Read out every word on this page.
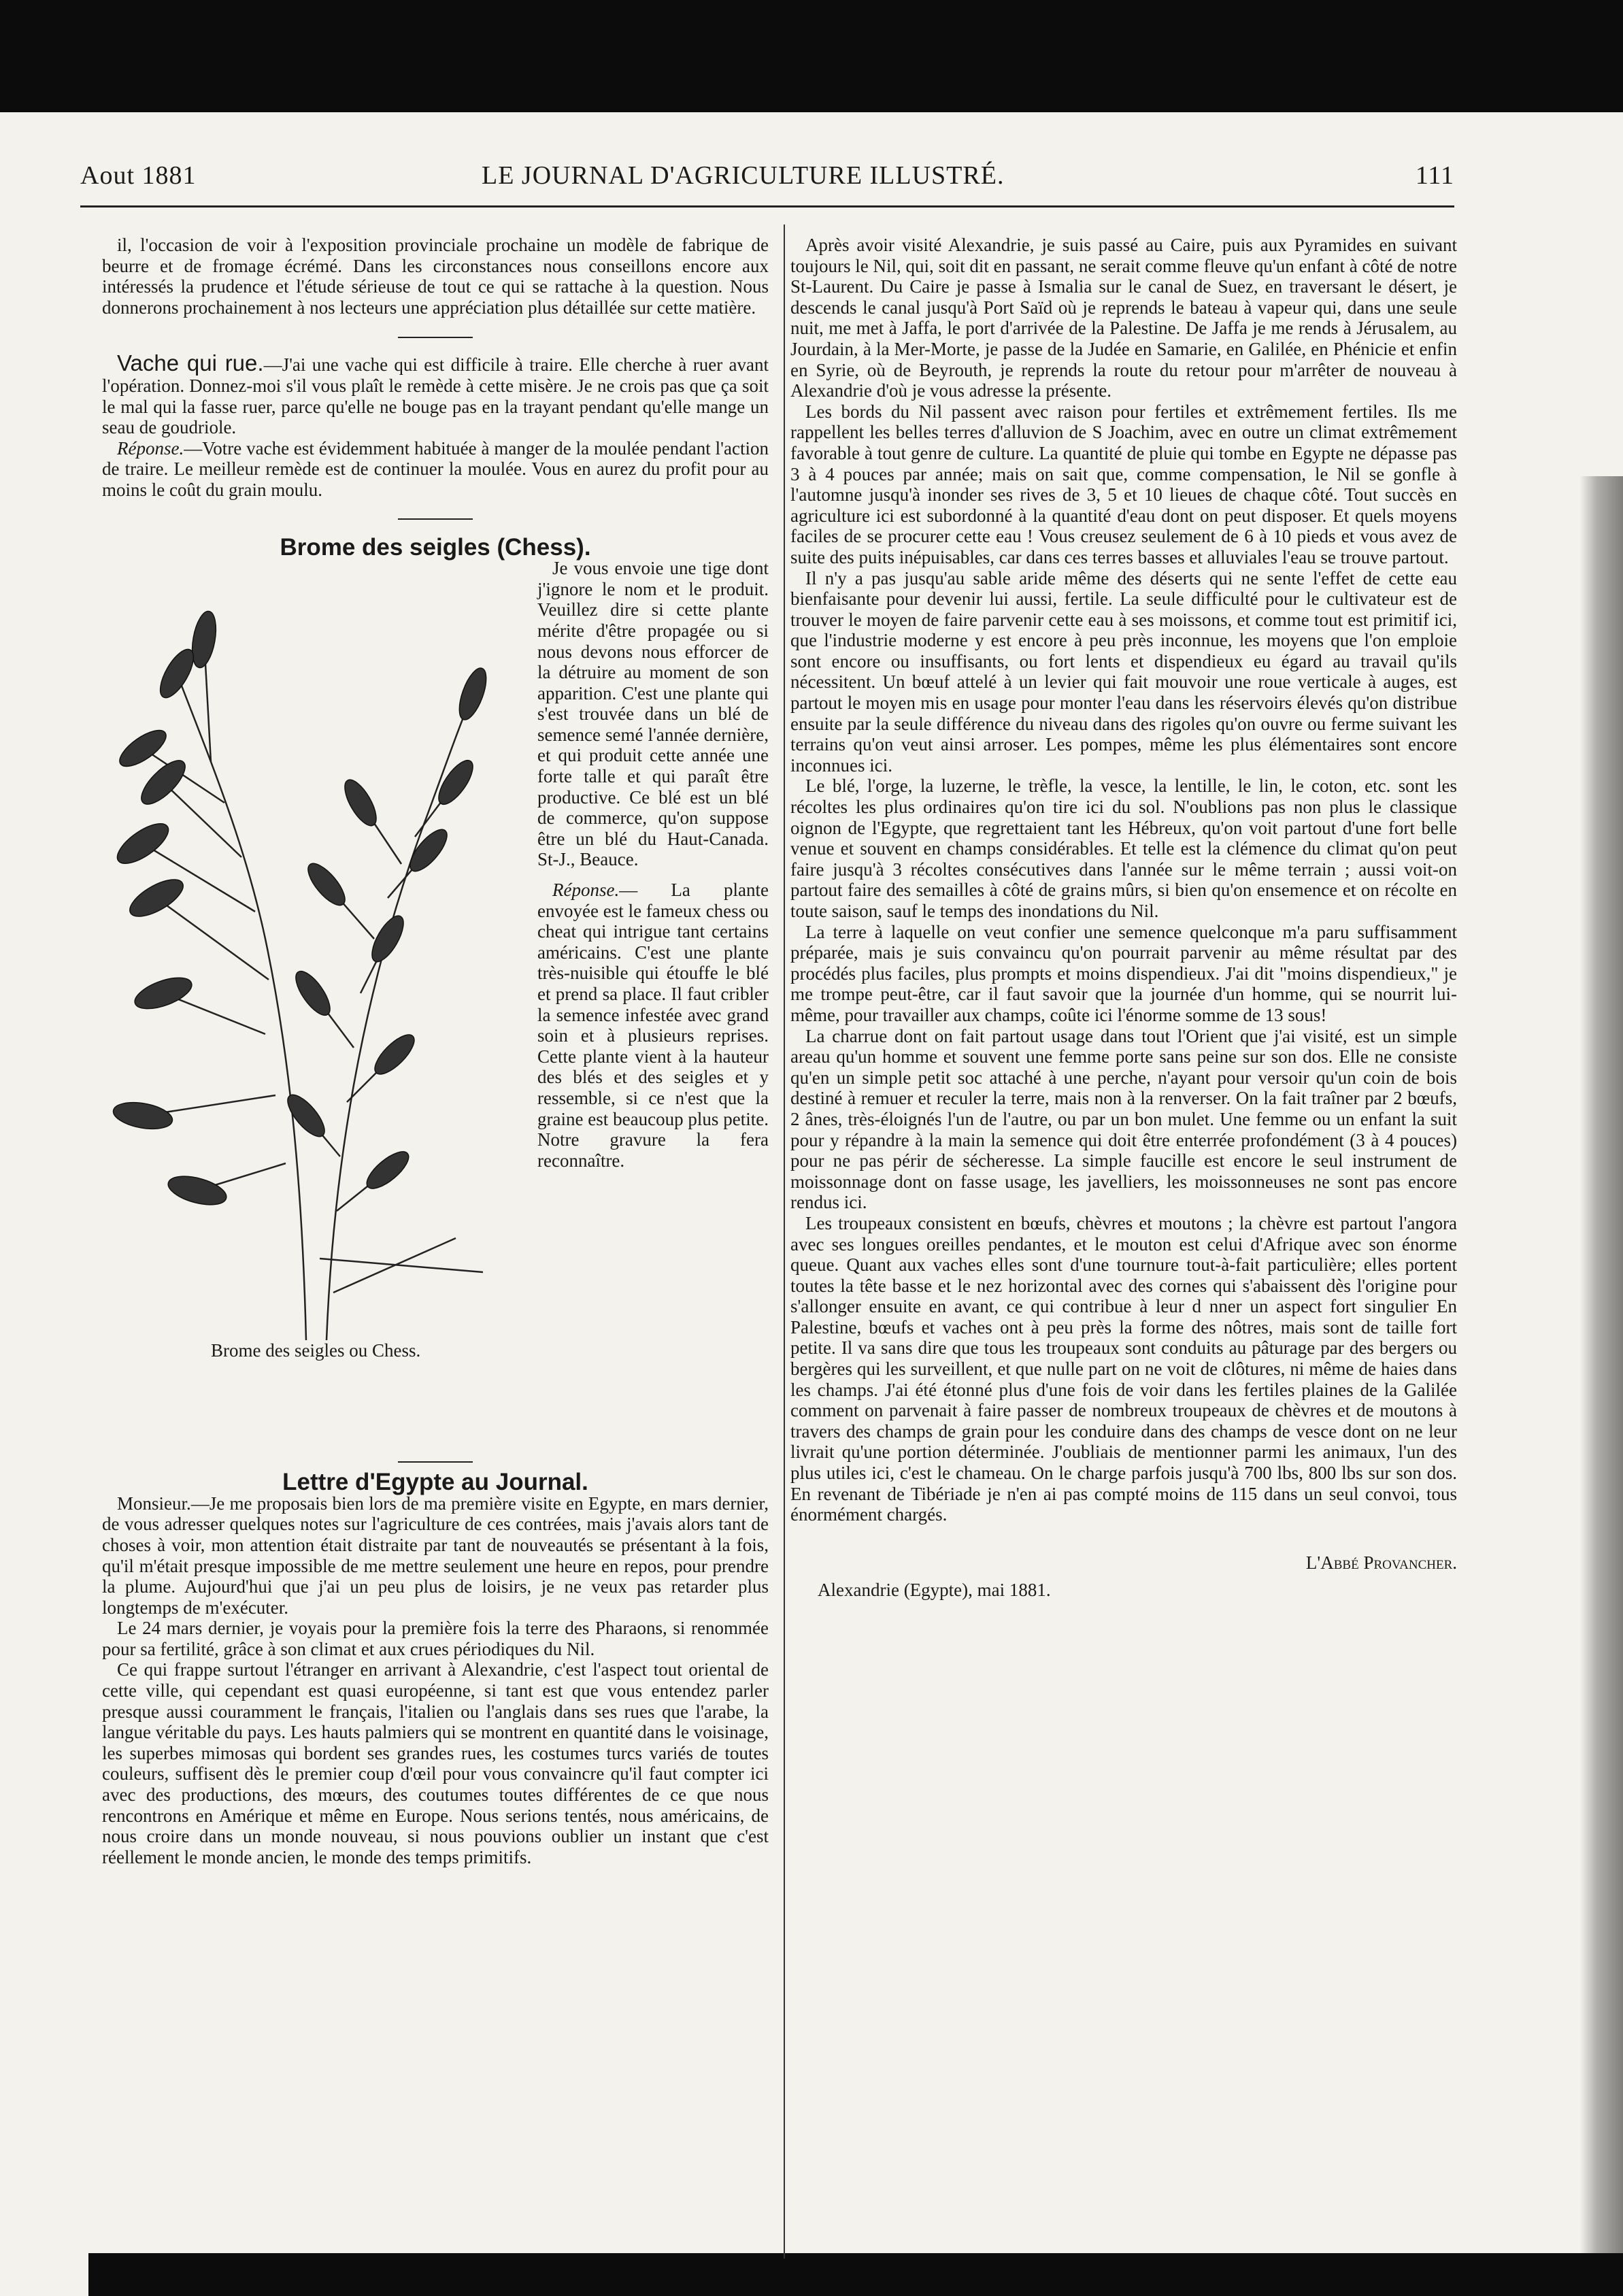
Aout 1881	LE JOURNAL D'AGRICULTURE ILLUSTRÉ.	111

il, l'occasion de voir à l'exposition provinciale prochaine un modèle de fabrique de beurre et de fromage écrémé. Dans les circonstances nous conseillons encore aux intéressés la prudence et l'étude sérieuse de tout ce qui se rattache à la question. Nous donnerons prochainement à nos lecteurs une appréciation plus détaillée sur cette matière.

Vache qui rue.—J'ai une vache qui est difficile à traire. Elle cherche à ruer avant l'opération. Donnez-moi s'il vous plaît le remède à cette misère. Je ne crois pas que ça soit le mal qui la fasse ruer, parce qu'elle ne bouge pas en la trayant pendant qu'elle mange un seau de goudriole.

Réponse.—Votre vache est évidemment habituée à manger de la moulée pendant l'action de traire. Le meilleur remède est de continuer la moulée. Vous en aurez du profit pour au moins le coût du grain moulu.

Brome des seigles (Chess).

Je vous envoie une tige dont j'ignore le nom et le produit. Veuillez dire si cette plante mérite d'être propagée ou si nous devons nous efforcer de la détruire au moment de son apparition. C'est une plante qui s'est trouvée dans un blé de semence semé l'année dernière, et qui produit cette année une forte talle et qui paraît être productive. Ce blé est un blé de commerce, qu'on suppose être un blé du Haut-Canada. St-J., Beauce.

Réponse.— La plante envoyée est le fameux chess ou cheat qui intrigue tant certains américains. C'est une plante très-nuisible qui étouffe le blé et prend sa place. Il faut cribler la semence infestée avec grand soin et à plusieurs reprises. Cette plante vient à la hauteur des blés et des seigles et y ressemble, si ce n'est que la graine est beaucoup plus petite. Notre gravure la fera reconnaître.

Brome des seigles ou Chess.
Lettre d'Egypte au Journal.

Monsieur.—Je me proposais bien lors de ma première visite en Egypte, en mars dernier, de vous adresser quelques notes sur l'agriculture de ces contrées, mais j'avais alors tant de choses à voir, mon attention était distraite par tant de nouveautés se présentant à la fois, qu'il m'était presque impossible de me mettre seulement une heure en repos, pour prendre la plume. Aujourd'hui que j'ai un peu plus de loisirs, je ne veux pas retarder plus longtemps de m'exécuter.

Le 24 mars dernier, je voyais pour la première fois la terre des Pharaons, si renommée pour sa fertilité, grâce à son climat et aux crues périodiques du Nil.

Ce qui frappe surtout l'étranger en arrivant à Alexandrie, c'est l'aspect tout oriental de cette ville, qui cependant est quasi européenne, si tant est que vous entendez parler presque aussi couramment le français, l'italien ou l'anglais dans ses rues que l'arabe, la langue véritable du pays. Les hauts palmiers qui se montrent en quantité dans le voisinage, les superbes mimosas qui bordent ses grandes rues, les costumes turcs variés de toutes couleurs, suffisent dès le premier coup d'œil pour vous convaincre qu'il faut compter ici avec des productions, des mœurs, des coutumes toutes différentes de ce que nous rencontrons en Amérique et même en Europe. Nous serions tentés, nous américains, de nous croire dans un monde nouveau, si nous pouvions oublier un instant que c'est réellement le monde ancien, le monde des temps primitifs.

Après avoir visité Alexandrie, je suis passé au Caire, puis aux Pyramides en suivant toujours le Nil, qui, soit dit en passant, ne serait comme fleuve qu'un enfant à côté de notre St-Laurent. Du Caire je passe à Ismalia sur le canal de Suez, en traversant le désert, je descends le canal jusqu'à Port Saïd où je reprends le bateau à vapeur qui, dans une seule nuit, me met à Jaffa, le port d'arrivée de la Palestine. De Jaffa je me rends à Jérusalem, au Jourdain, à la Mer-Morte, je passe de la Judée en Samarie, en Galilée, en Phénicie et enfin en Syrie, où de Beyrouth, je reprends la route du retour pour m'arrêter de nouveau à Alexandrie d'où je vous adresse la présente.

Les bords du Nil passent avec raison pour fertiles et extrêmement fertiles. Ils me rappellent les belles terres d'alluvion de S Joachim, avec en outre un climat extrêmement favorable à tout genre de culture. La quantité de pluie qui tombe en Egypte ne dépasse pas 3 à 4 pouces par année; mais on sait que, comme compensation, le Nil se gonfle à l'automne jusqu'à inonder ses rives de 3, 5 et 10 lieues de chaque côté. Tout succès en agriculture ici est subordonné à la quantité d'eau dont on peut disposer. Et quels moyens faciles de se procurer cette eau ! Vous creusez seulement de 6 à 10 pieds et vous avez de suite des puits inépuisables, car dans ces terres basses et alluviales l'eau se trouve partout.

Il n'y a pas jusqu'au sable aride même des déserts qui ne sente l'effet de cette eau bienfaisante pour devenir lui aussi, fertile. La seule difficulté pour le cultivateur est de trouver le moyen de faire parvenir cette eau à ses moissons, et comme tout est primitif ici, que l'industrie moderne y est encore à peu près inconnue, les moyens que l'on emploie sont encore ou insuffisants, ou fort lents et dispendieux eu égard au travail qu'ils nécessitent. Un bœuf attelé à un levier qui fait mouvoir une roue verticale à auges, est partout le moyen mis en usage pour monter l'eau dans les réservoirs élevés qu'on distribue ensuite par la seule différence du niveau dans des rigoles qu'on ouvre ou ferme suivant les terrains qu'on veut ainsi arroser. Les pompes, même les plus élémentaires sont encore inconnues ici.

Le blé, l'orge, la luzerne, le trèfle, la vesce, la lentille, le lin, le coton, etc. sont les récoltes les plus ordinaires qu'on tire ici du sol. N'oublions pas non plus le classique oignon de l'Egypte, que regrettaient tant les Hébreux, qu'on voit partout d'une fort belle venue et souvent en champs considérables. Et telle est la clémence du climat qu'on peut faire jusqu'à 3 récoltes consécutives dans l'année sur le même terrain ; aussi voit-on partout faire des semailles à côté de grains mûrs, si bien qu'on ensemence et on récolte en toute saison, sauf le temps des inondations du Nil.

La terre à laquelle on veut confier une semence quelconque m'a paru suffisamment préparée, mais je suis convaincu qu'on pourrait parvenir au même résultat par des procédés plus faciles, plus prompts et moins dispendieux. J'ai dit "moins dispendieux," je me trompe peut-être, car il faut savoir que la journée d'un homme, qui se nourrit lui-même, pour travailler aux champs, coûte ici l'énorme somme de 13 sous!

La charrue dont on fait partout usage dans tout l'Orient que j'ai visité, est un simple areau qu'un homme et souvent une femme porte sans peine sur son dos. Elle ne consiste qu'en un simple petit soc attaché à une perche, n'ayant pour versoir qu'un coin de bois destiné à remuer et reculer la terre, mais non à la renverser. On la fait traîner par 2 bœufs, 2 ânes, très-éloignés l'un de l'autre, ou par un bon mulet. Une femme ou un enfant la suit pour y répandre à la main la semence qui doit être enterrée profondément (3 à 4 pouces) pour ne pas périr de sécheresse. La simple faucille est encore le seul instrument de moissonnage dont on fasse usage, les javelliers, les moissonneuses ne sont pas encore rendus ici.

Les troupeaux consistent en bœufs, chèvres et moutons ; la chèvre est partout l'angora avec ses longues oreilles pendantes, et le mouton est celui d'Afrique avec son énorme queue. Quant aux vaches elles sont d'une tournure tout-à-fait particulière; elles portent toutes la tête basse et le nez horizontal avec des cornes qui s'abaissent dès l'origine pour s'allonger ensuite en avant, ce qui contribue à leur d nner un aspect fort singulier En Palestine, bœufs et vaches ont à peu près la forme des nôtres, mais sont de taille fort petite. Il va sans dire que tous les troupeaux sont conduits au pâturage par des bergers ou bergères qui les surveillent, et que nulle part on ne voit de clôtures, ni même de haies dans les champs. J'ai été étonné plus d'une fois de voir dans les fertiles plaines de la Galilée comment on parvenait à faire passer de nombreux troupeaux de chèvres et de moutons à travers des champs de grain pour les conduire dans des champs de vesce dont on ne leur livrait qu'une portion déterminée. J'oubliais de mentionner parmi les animaux, l'un des plus utiles ici, c'est le chameau. On le charge parfois jusqu'à 700 lbs, 800 lbs sur son dos. En revenant de Tibériade je n'en ai pas compté moins de 115 dans un seul convoi, tous énormément chargés.

L'Abbé Provancher.
Alexandrie (Egypte), mai 1881.
